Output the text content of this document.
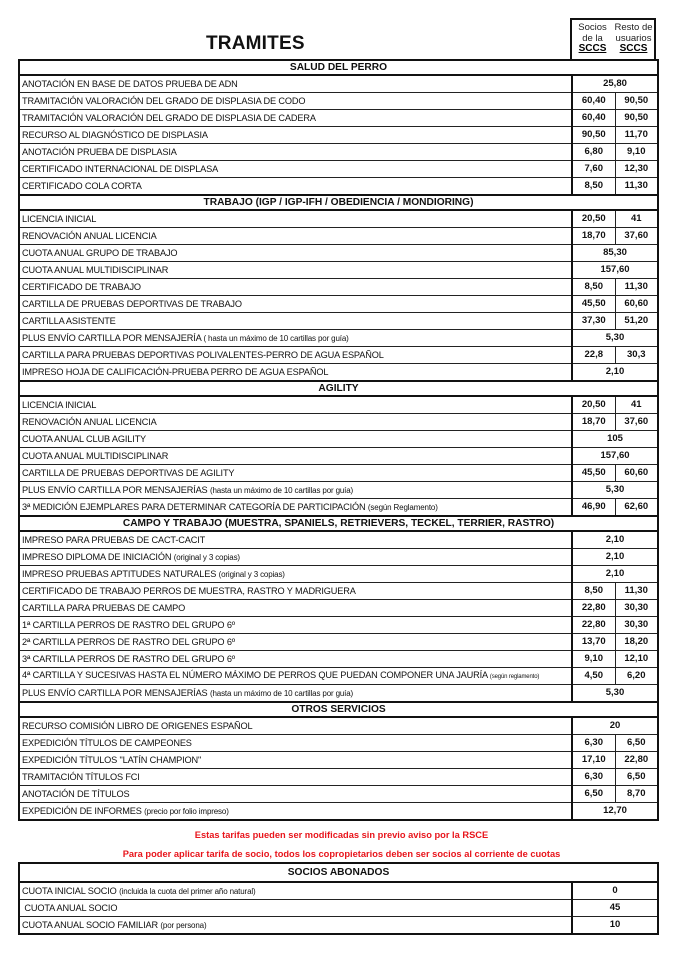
TRAMITES
Socios
de la
SCCS
Resto de
usuarios
SCCS
SALUD DEL PERRO		
ANOTACIÓN EN BASE DE DATOS PRUEBA DE ADN	25,80	
TRAMITACIÓN VALORACIÓN DEL GRADO DE DISPLASIA DE CODO	60,40	90,50
TRAMITACIÓN VALORACIÓN DEL GRADO DE DISPLASIA DE CADERA	60,40	90,50
RECURSO AL DIAGNÓSTICO DE DISPLASIA	90,50	11,70
ANOTACIÓN PRUEBA DE DISPLASIA	6,80	9,10
CERTIFICADO INTERNACIONAL DE DISPLASA	7,60	12,30
CERTIFICADO COLA CORTA	8,50	11,30
TRABAJO (IGP / IGP-IFH / OBEDIENCIA / MONDIORING)		
LICENCIA INICIAL	20,50	41
RENOVACIÓN ANUAL LICENCIA	18,70	37,60
CUOTA ANUAL GRUPO DE TRABAJO	85,30	
CUOTA ANUAL MULTIDISCIPLINAR	157,60	
CERTIFICADO DE TRABAJO	8,50	11,30
CARTILLA DE PRUEBAS DEPORTIVAS DE TRABAJO	45,50	60,60
CARTILLA ASISTENTE	37,30	51,20
PLUS ENVÍO CARTILLA POR MENSAJERÍA ( hasta un máximo de 10 cartillas por guía)	5,30	
CARTILLA PARA PRUEBAS DEPORTIVAS POLIVALENTES-PERRO DE AGUA ESPAÑOL	22,8	30,3
IMPRESO HOJA DE CALIFICACIÓN-PRUEBA PERRO DE AGUA ESPAÑOL	2,10	
AGILITY		
LICENCIA INICIAL	20,50	41
RENOVACIÓN ANUAL LICENCIA	18,70	37,60
CUOTA ANUAL CLUB AGILITY	105	
CUOTA ANUAL MULTIDISCIPLINAR	157,60	
CARTILLA DE PRUEBAS DEPORTIVAS DE AGILITY	45,50	60,60
PLUS ENVÍO CARTILLA POR MENSAJERÍAS (hasta un máximo de 10 cartillas por guía)	5,30	
3ª MEDICIÓN EJEMPLARES PARA DETERMINAR CATEGORÍA DE PARTICIPACIÓN (según Reglamento)	46,90	62,60
CAMPO Y TRABAJO (MUESTRA, SPANIELS, RETRIEVERS, TECKEL, TERRIER, RASTRO)		
IMPRESO PARA PRUEBAS DE CACT-CACIT	2,10	
IMPRESO DIPLOMA DE INICIACIÓN (original y 3 copias)	2,10	
IMPRESO PRUEBAS APTITUDES NATURALES (original y 3 copias)	2,10	
CERTIFICADO DE TRABAJO PERROS DE MUESTRA, RASTRO Y MADRIGUERA	8,50	11,30
CARTILLA PARA PRUEBAS DE CAMPO	22,80	30,30
1ª CARTILLA PERROS DE RASTRO DEL GRUPO 6º	22,80	30,30
2ª CARTILLA PERROS DE RASTRO DEL GRUPO 6º	13,70	18,20
3ª CARTILLA PERROS DE RASTRO DEL GRUPO 6º	9,10	12,10
4ª CARTILLA Y SUCESIVAS HASTA EL NÚMERO MÁXIMO DE PERROS QUE PUEDAN COMPONER UNA JAURÍA (según reglamento)	4,50	6,20
PLUS ENVÍO CARTILLA POR MENSAJERÍAS (hasta un máximo de 10 cartillas por guía)	5,30	
OTROS SERVICIOS		
RECURSO COMISIÓN LIBRO DE ORIGENES ESPAÑOL	20	
EXPEDICIÓN TÍTULOS DE CAMPEONES	6,30	6,50
EXPEDICIÓN TÍTULOS "LATÍN CHAMPION"	17,10	22,80
TRAMITACIÓN TÍTULOS FCI	6,30	6,50
ANOTACIÓN DE TÍTULOS	6,50	8,70
EXPEDICIÓN DE INFORMES (precio por folio impreso)	12,70	
Estas tarifas pueden ser modificadas sin previo aviso por la RSCE
Para poder aplicar tarifa de socio, todos los copropietarios deben ser socios al corriente de cuotas
SOCIOS ABONADOS	
CUOTA INICIAL SOCIO (incluida la cuota del primer año natural)	0
CUOTA ANUAL SOCIO	45
CUOTA ANUAL SOCIO FAMILIAR (por persona)	10
